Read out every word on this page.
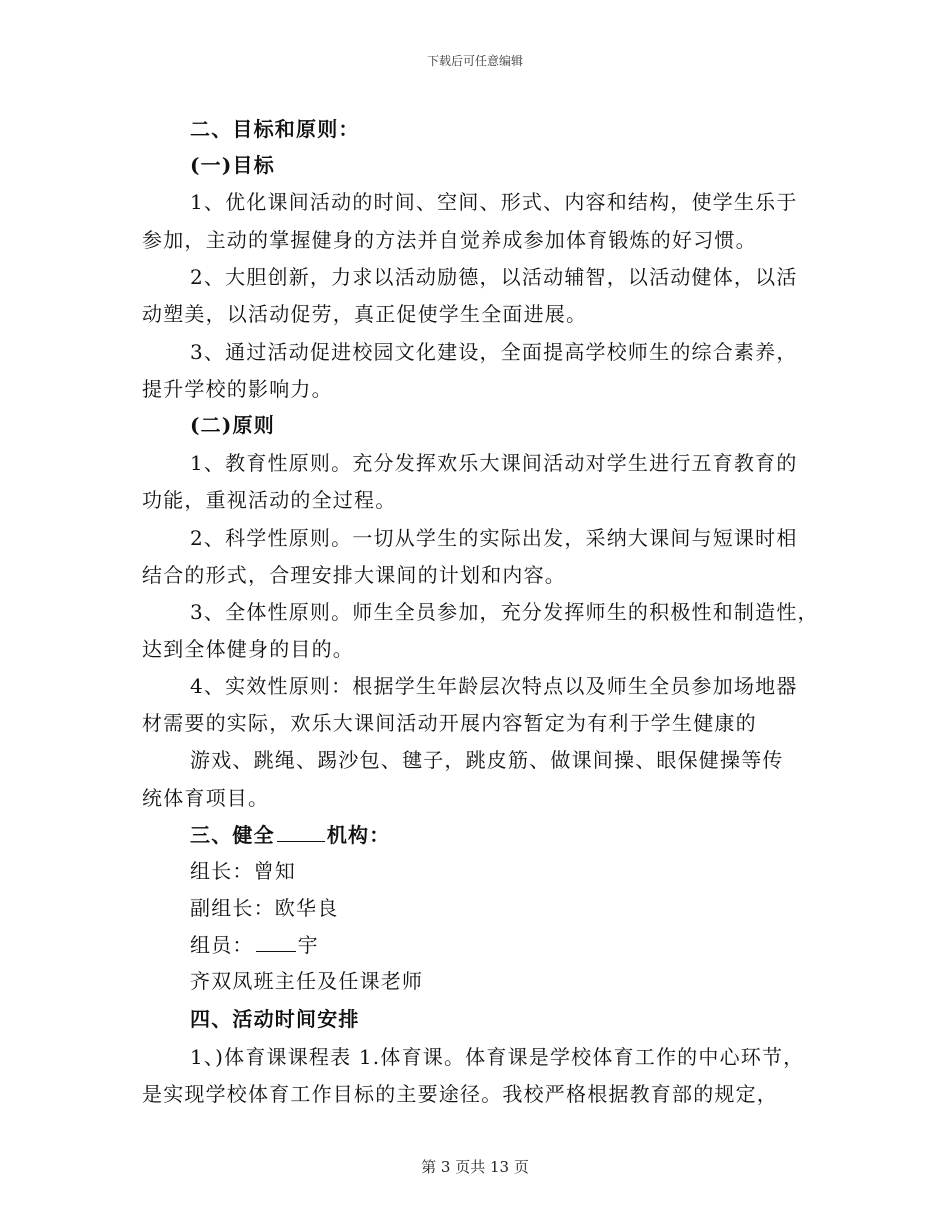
下载后可任意编辑
二、目标和原则：
(一)目标
1、优化课间活动的时间、空间、形式、内容和结构，使学生乐于
参加，主动的掌握健身的方法并自觉养成参加体育锻炼的好习惯。
2、大胆创新，力求以活动励德，以活动辅智，以活动健体，以活
动塑美，以活动促劳，真正促使学生全面进展。
3、通过活动促进校园文化建设，全面提高学校师生的综合素养，
提升学校的影响力。
(二)原则
1、教育性原则。充分发挥欢乐大课间活动对学生进行五育教育的
功能，重视活动的全过程。
2、科学性原则。一切从学生的实际出发，采纳大课间与短课时相
结合的形式，合理安排大课间的计划和内容。
3、全体性原则。师生全员参加，充分发挥师生的积极性和制造性，
达到全体健身的目的。
4、实效性原则：根据学生年龄层次特点以及师生全员参加场地器
材需要的实际，欢乐大课间活动开展内容暂定为有利于学生健康的
游戏、跳绳、踢沙包、毽子，跳皮筋、做课间操、眼保健操等传
统体育项目。
三、健全	机构：
组长：曾知
副组长：欧华良
组员： 宇
齐双凤班主任及任课老师
四、活动时间安排
1、)体育课课程表 1.体育课。体育课是学校体育工作的中心环节，
是实现学校体育工作目标的主要途径。我校严格根据教育部的规定，
第 3 页共 13 页
